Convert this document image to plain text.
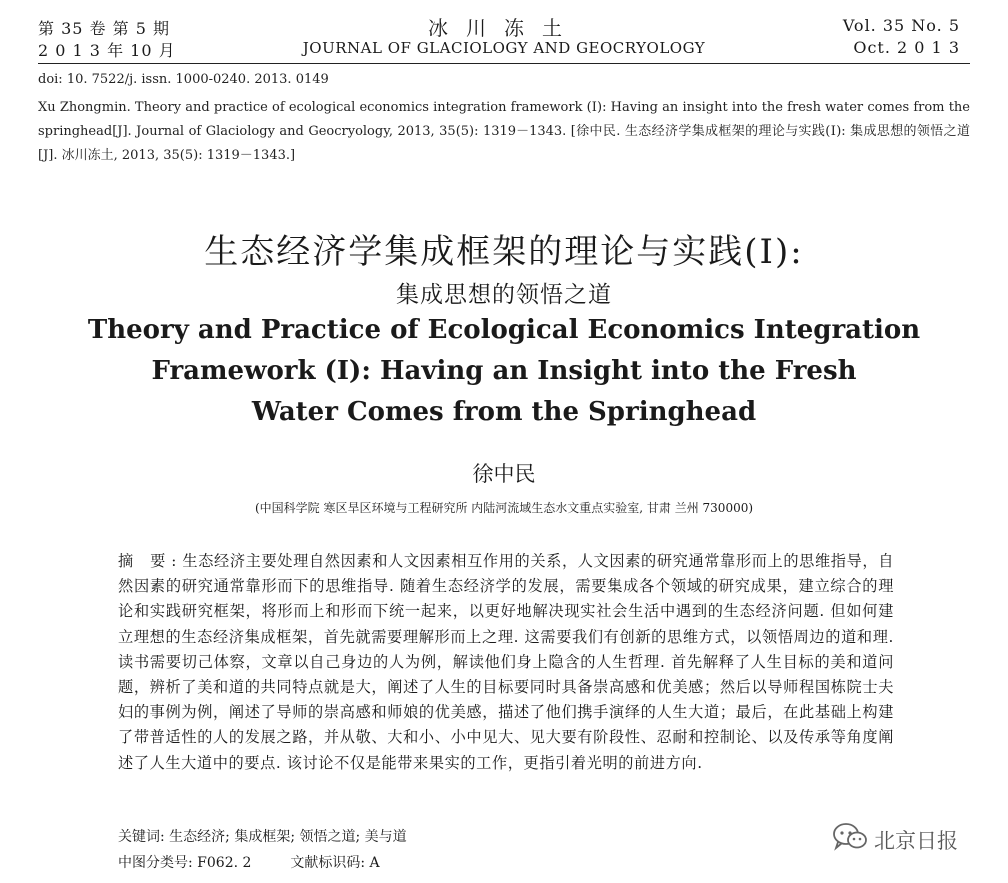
第 35 卷 第 5 期
2 0 1 3 年 10 月
冰川冻土
JOURNAL OF GLACIOLOGY AND GEOCRYOLOGY
Vol. 35 No. 5
Oct. 2 0 1 3
doi: 10. 7522/j. issn. 1000-0240. 2013. 0149
Xu Zhongmin. Theory and practice of ecological economics integration framework (Ⅰ): Having an insight into the fresh water comes from the springhead[J]. Journal of Glaciology and Geocryology, 2013, 35(5): 1319－1343. [徐中民. 生态经济学集成框架的理论与实践(Ⅰ): 集成思想的领悟之道[J]. 冰川冻土, 2013, 35(5): 1319－1343.]
生态经济学集成框架的理论与实践(Ⅰ):
集成思想的领悟之道
Theory and Practice of Ecological Economics Integration
Framework (Ⅰ): Having an Insight into the Fresh
Water Comes from the Springhead
徐中民
(中国科学院 寒区旱区环境与工程研究所 内陆河流域生态水文重点实验室, 甘肃 兰州 730000)
摘 要:生态经济主要处理自然因素和人文因素相互作用的关系，人文因素的研究通常靠形而上的思维指导，自然因素的研究通常靠形而下的思维指导. 随着生态经济学的发展，需要集成各个领域的研究成果，建立综合的理论和实践研究框架，将形而上和形而下统一起来，以更好地解决现实社会生活中遇到的生态经济问题. 但如何建立理想的生态经济集成框架，首先就需要理解形而上之理. 这需要我们有创新的思维方式，以领悟周边的道和理. 读书需要切己体察，文章以自己身边的人为例，解读他们身上隐含的人生哲理. 首先解释了人生目标的美和道问题，辨析了美和道的共同特点就是大，阐述了人生的目标要同时具备崇高感和优美感；然后以导师程国栋院士夫妇的事例为例，阐述了导师的崇高感和师娘的优美感，描述了他们携手演绎的人生大道；最后，在此基础上构建了带普适性的人的发展之路，并从敬、大和小、小中见大、见大要有阶段性、忍耐和控制论、以及传承等角度阐述了人生大道中的要点. 该讨论不仅是能带来果实的工作，更指引着光明的前进方向.
关键词: 生态经济; 集成框架; 领悟之道; 美与道
中图分类号: F062. 2	文献标识码: A
北京日报
